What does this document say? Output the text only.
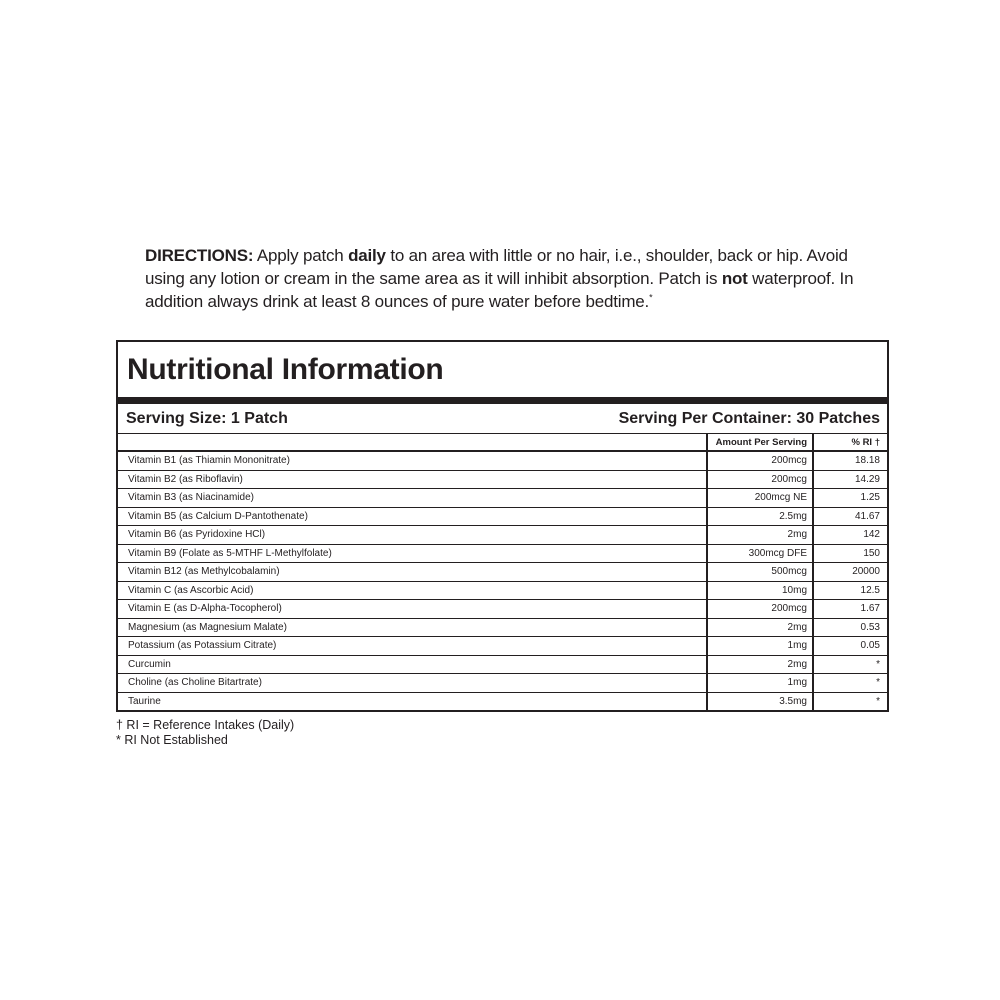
DIRECTIONS: Apply patch daily to an area with little or no hair, i.e., shoulder, back or hip. Avoid using any lotion or cream in the same area as it will inhibit absorption. Patch is not waterproof. In addition always drink at least 8 ounces of pure water before bedtime.*

Nutritional Information
Serving Size: 1 Patch	Serving Per Container: 30 Patches
	Amount Per Serving	% RI †
Vitamin B1 (as Thiamin Mononitrate)	200mcg	18.18
Vitamin B2 (as Riboflavin)	200mcg	14.29
Vitamin B3 (as Niacinamide)	200mcg NE	1.25
Vitamin B5 (as Calcium D-Pantothenate)	2.5mg	41.67
Vitamin B6 (as Pyridoxine HCl)	2mg	142
Vitamin B9 (Folate as 5-MTHF L-Methylfolate)	300mcg DFE	150
Vitamin B12 (as Methylcobalamin)	500mcg	20000
Vitamin C (as Ascorbic Acid)	10mg	12.5
Vitamin E (as D-Alpha-Tocopherol)	200mcg	1.67
Magnesium (as Magnesium Malate)	2mg	0.53
Potassium (as Potassium Citrate)	1mg	0.05
Curcumin	2mg	*
Choline (as Choline Bitartrate)	1mg	*
Taurine	3.5mg	*
† RI = Reference Intakes (Daily)
* RI Not Established
